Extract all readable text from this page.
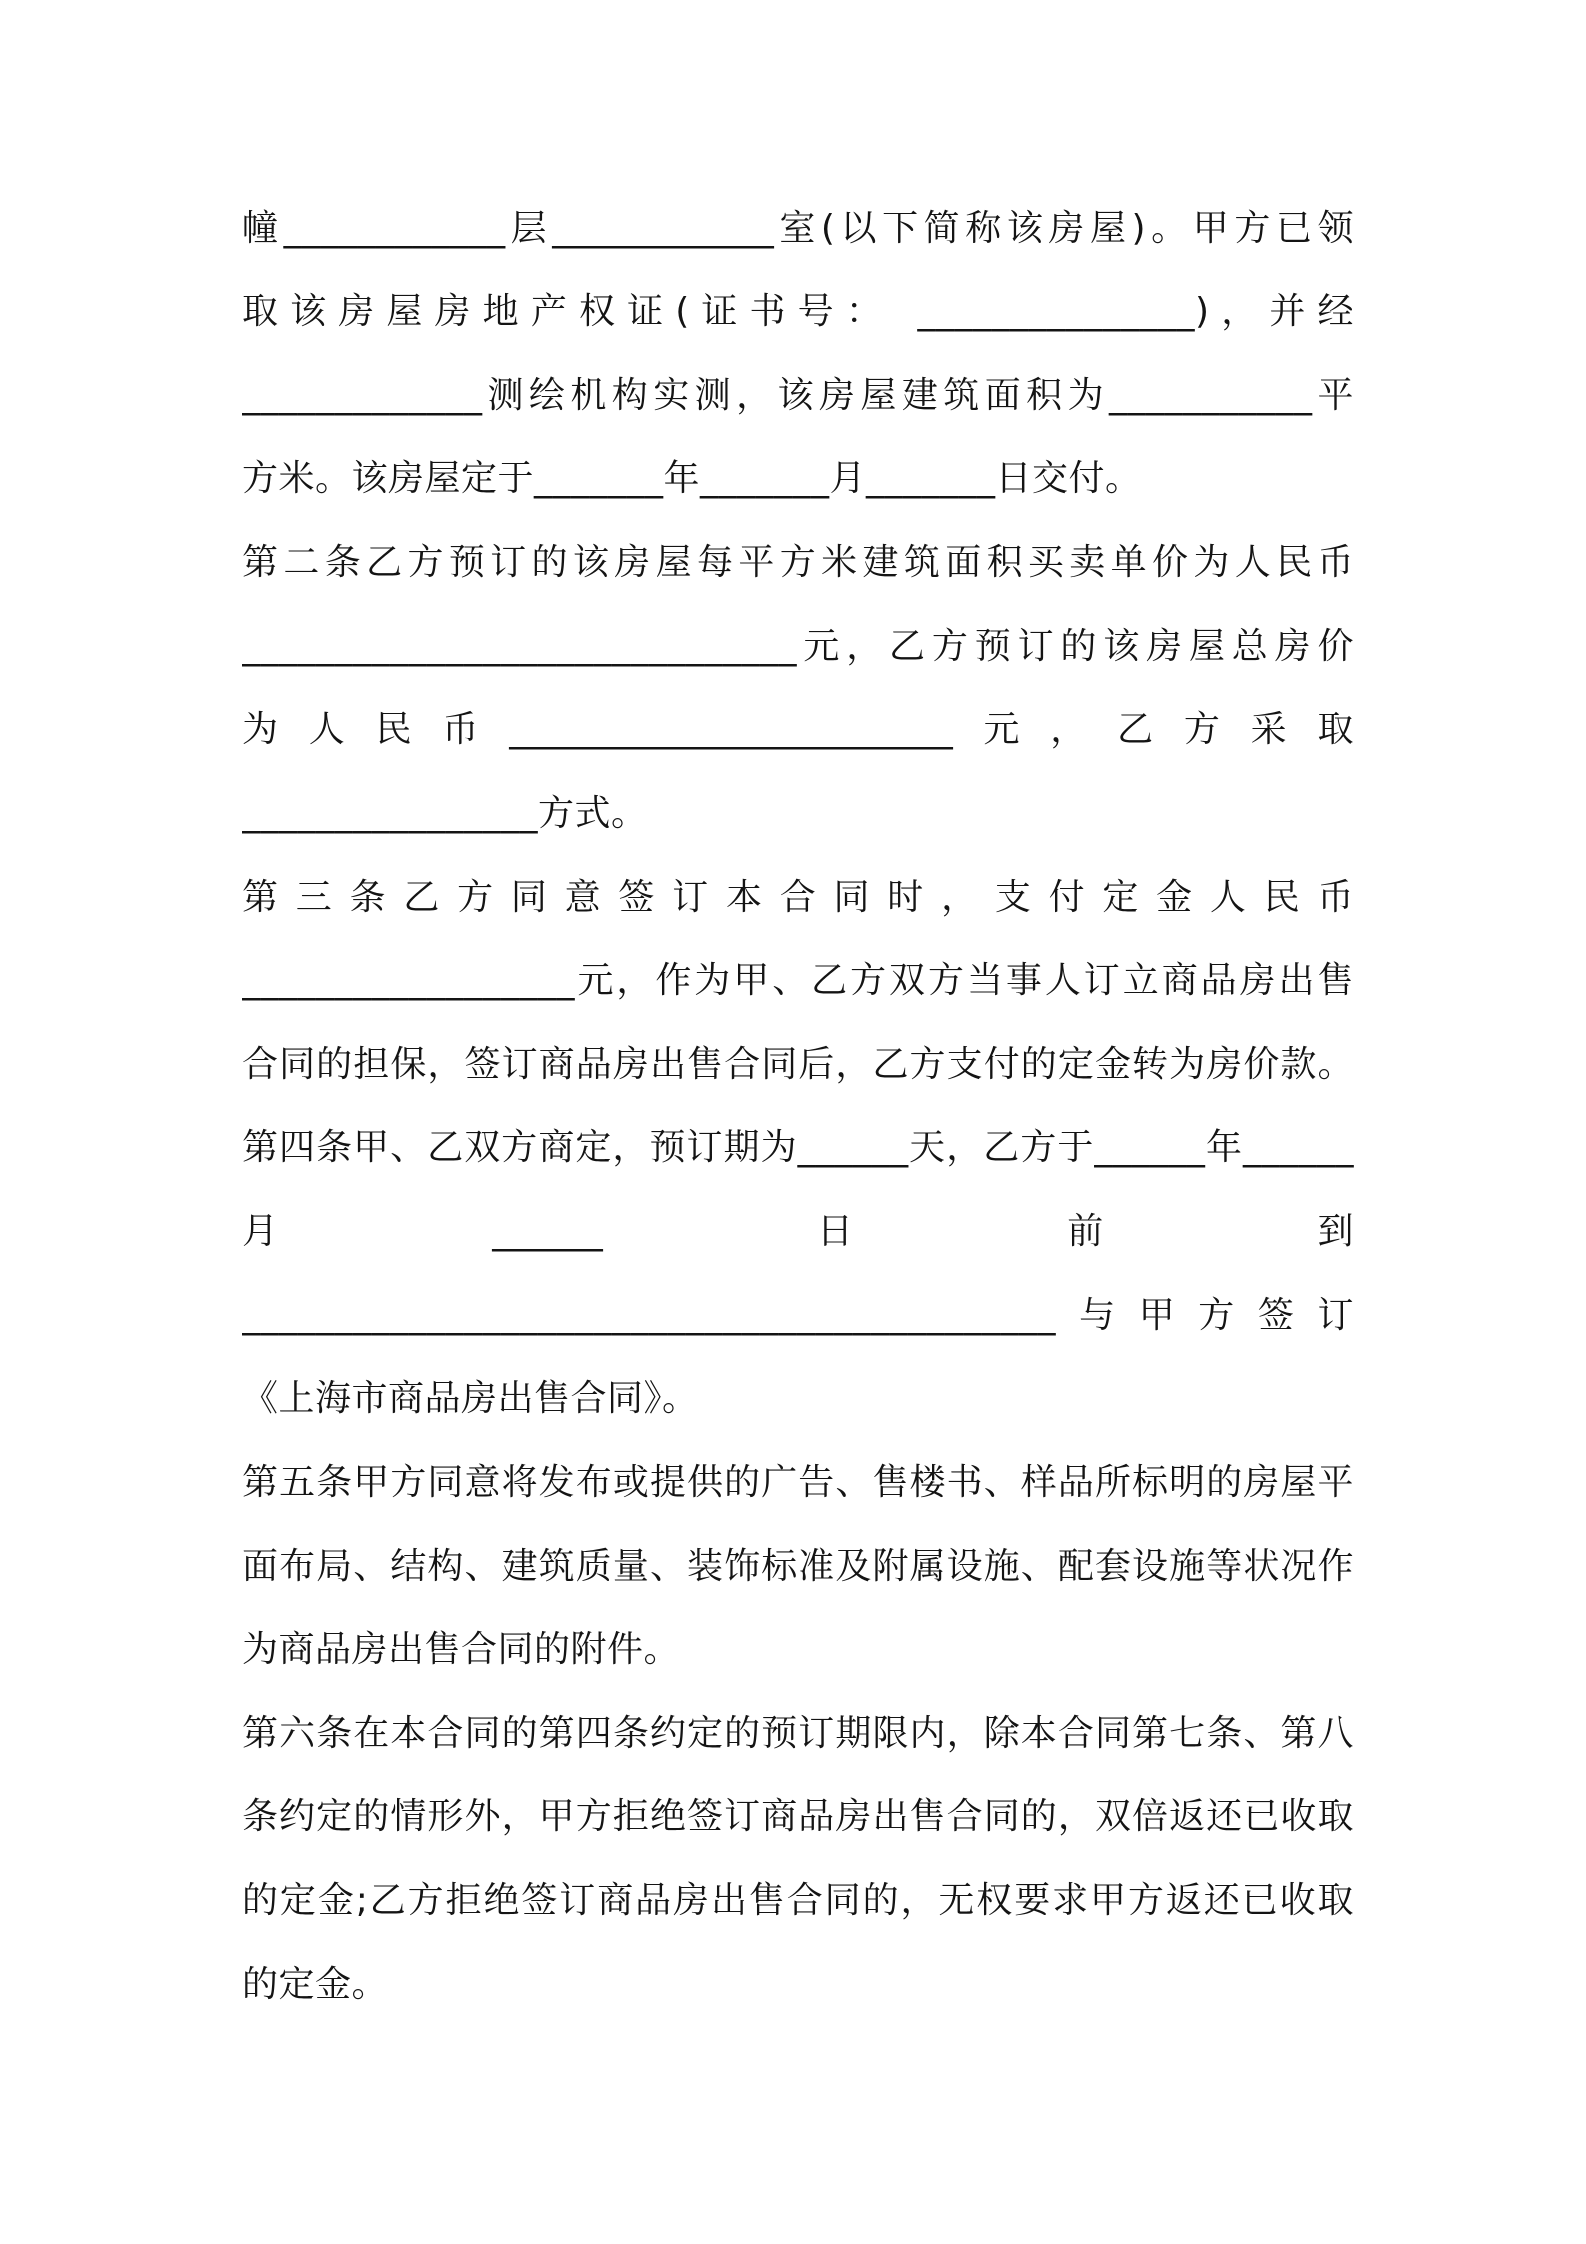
幢____________层____________室(以下简称该房屋)。甲方已领
取该房屋房地产权证(证书号： _______________)，并经
_____________测绘机构实测，该房屋建筑面积为___________平
方米。该房屋定于_______年_______月_______日交付。
第二条乙方预订的该房屋每平方米建筑面积买卖单价为人民币
______________________________元，乙方预订的该房屋总房价
为人民币________________________元，乙方采取
________________方式。
第三条乙方同意签订本合同时，支付定金人民币
__________________元，作为甲、乙方双方当事人订立商品房出售
合同的担保，签订商品房出售合同后，乙方支付的定金转为房价款。
第四条甲、乙双方商定，预订期为______天，乙方于______年______
月______日前到
____________________________________________与甲方签订
《上海市商品房出售合同》。
第五条甲方同意将发布或提供的广告、售楼书、样品所标明的房屋平
面布局、结构、建筑质量、装饰标准及附属设施、配套设施等状况作
为商品房出售合同的附件。
第六条在本合同的第四条约定的预订期限内，除本合同第七条、第八
条约定的情形外，甲方拒绝签订商品房出售合同的，双倍返还已收取
的定金;乙方拒绝签订商品房出售合同的，无权要求甲方返还已收取
的定金。
